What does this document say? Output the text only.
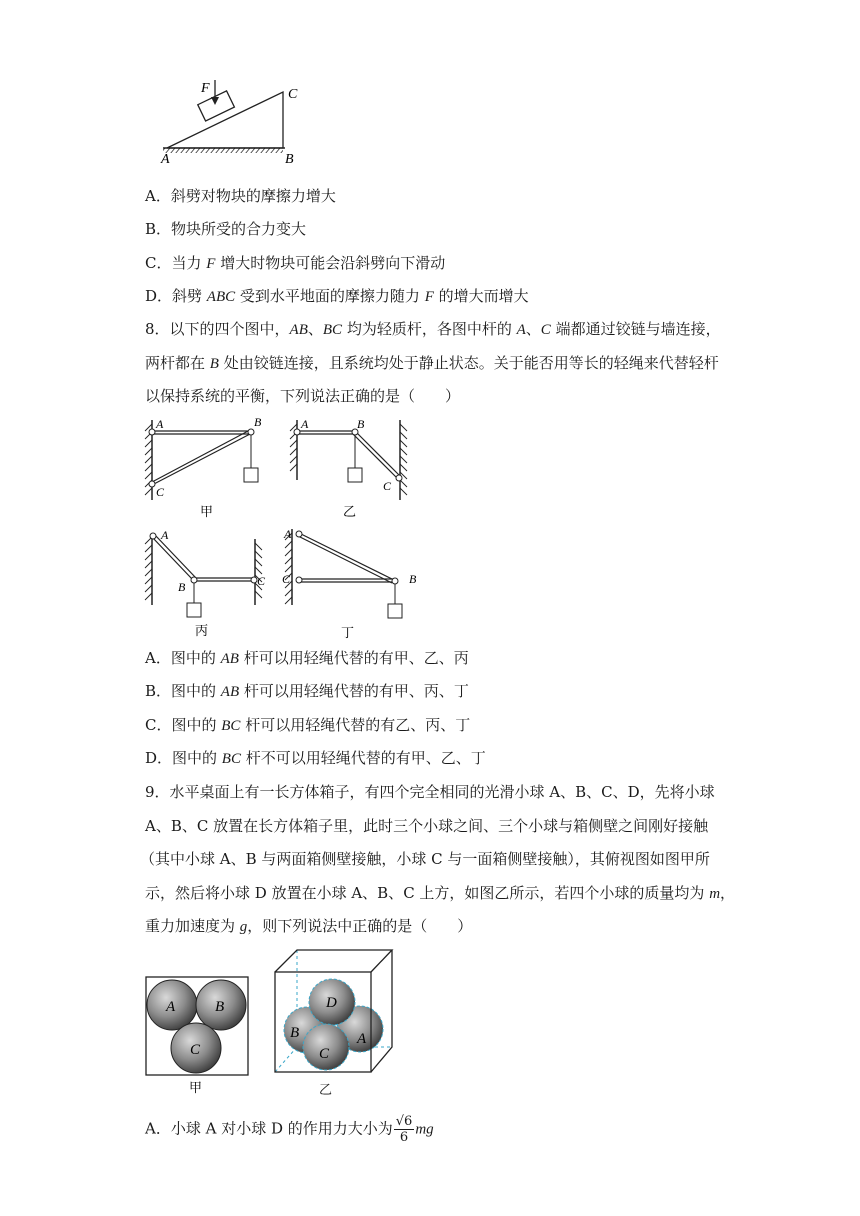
F
A	B
C
A．斜劈对物块的摩擦力增大
B．物块所受的合力变大
C．当力 F 增大时物块可能会沿斜劈向下滑动
D．斜劈 ABC 受到水平地面的摩擦力随力 F 的增大而增大
8．以下的四个图中，AB、BC 均为轻质杆，各图中杆的 A、C 端都通过铰链与墙连接，
两杆都在 B 处由铰链连接，且系统均处于静止状态。关于能否用等长的轻绳来代替轻杆
以保持系统的平衡，下列说法正确的是（　　）
A	B
C
甲
A	B
C
乙
A
B	C
丙
A
B
C
丁
A．图中的 AB 杆可以用轻绳代替的有甲、乙、丙
B．图中的 AB 杆可以用轻绳代替的有甲、丙、丁
C．图中的 BC 杆可以用轻绳代替的有乙、丙、丁
D．图中的 BC 杆不可以用轻绳代替的有甲、乙、丁
9．水平桌面上有一长方体箱子，有四个完全相同的光滑小球 A、B、C、D，先将小球
A、B、C 放置在长方体箱子里，此时三个小球之间、三个小球与箱侧壁之间刚好接触
（其中小球 A、B 与两面箱侧壁接触，小球 C 与一面箱侧壁接触），其俯视图如图甲所
示，然后将小球 D 放置在小球 A、B、C 上方，如图乙所示，若四个小球的质量均为 m，
重力加速度为 g，则下列说法中正确的是（　　）
A	B
C
甲
D
B	A
C
乙
A．小球 A 对小球 D 的作用力大小为 $\frac{√6}{6}$ mg
